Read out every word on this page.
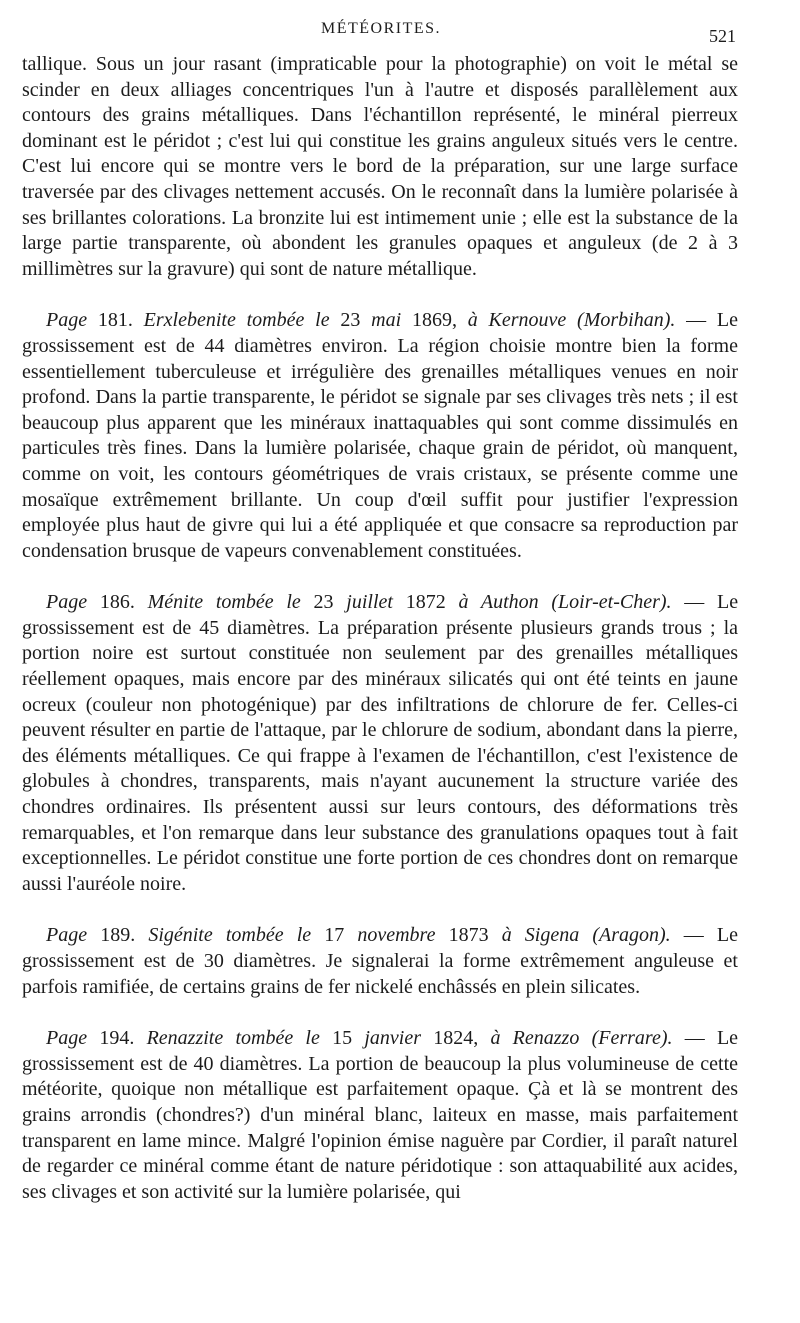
MÉTÉORITES.	521

tallique. Sous un jour rasant (impraticable pour la photographie) on voit le métal se scinder en deux alliages concentriques l'un à l'autre et disposés parallèlement aux contours des grains métalliques. Dans l'échantillon représenté, le minéral pierreux dominant est le péridot ; c'est lui qui constitue les grains anguleux situés vers le centre. C'est lui encore qui se montre vers le bord de la préparation, sur une large surface traversée par des clivages nettement accusés. On le reconnaît dans la lumière polarisée à ses brillantes colorations. La bronzite lui est intimement unie ; elle est la substance de la large partie transparente, où abondent les granules opaques et anguleux (de 2 à 3 millimètres sur la gravure) qui sont de nature métallique.

Page 181. Erxlebenite tombée le 23 mai 1869, à Kernouve (Morbihan). — Le grossissement est de 44 diamètres environ. La région choisie montre bien la forme essentiellement tuberculeuse et irrégulière des grenailles métalliques venues en noir profond. Dans la partie transparente, le péridot se signale par ses clivages très nets ; il est beaucoup plus apparent que les minéraux inattaquables qui sont comme dissimulés en particules très fines. Dans la lumière polarisée, chaque grain de péridot, où manquent, comme on voit, les contours géométriques de vrais cristaux, se présente comme une mosaïque extrêmement brillante. Un coup d'œil suffit pour justifier l'expression employée plus haut de givre qui lui a été appliquée et que consacre sa reproduction par condensation brusque de vapeurs convenablement constituées.

Page 186. Ménite tombée le 23 juillet 1872 à Authon (Loir-et-Cher). — Le grossissement est de 45 diamètres. La préparation présente plusieurs grands trous ; la portion noire est surtout constituée non seulement par des grenailles métalliques réellement opaques, mais encore par des minéraux silicatés qui ont été teints en jaune ocreux (couleur non photogénique) par des infiltrations de chlorure de fer. Celles-ci peuvent résulter en partie de l'attaque, par le chlorure de sodium, abondant dans la pierre, des éléments métalliques. Ce qui frappe à l'examen de l'échantillon, c'est l'existence de globules à chondres, transparents, mais n'ayant aucunement la structure variée des chondres ordinaires. Ils présentent aussi sur leurs contours, des déformations très remarquables, et l'on remarque dans leur substance des granulations opaques tout à fait exceptionnelles. Le péridot constitue une forte portion de ces chondres dont on remarque aussi l'auréole noire.

Page 189. Sigénite tombée le 17 novembre 1873 à Sigena (Aragon). — Le grossissement est de 30 diamètres. Je signalerai la forme extrêmement anguleuse et parfois ramifiée, de certains grains de fer nickelé enchâssés en plein silicates.

Page 194. Renazzite tombée le 15 janvier 1824, à Renazzo (Ferrare). — Le grossissement est de 40 diamètres. La portion de beaucoup la plus volumineuse de cette météorite, quoique non métallique est parfaitement opaque. Çà et là se montrent des grains arrondis (chondres?) d'un minéral blanc, laiteux en masse, mais parfaitement transparent en lame mince. Malgré l'opinion émise naguère par Cordier, il paraît naturel de regarder ce minéral comme étant de nature péridotique : son attaquabilité aux acides, ses clivages et son activité sur la lumière polarisée, qui
